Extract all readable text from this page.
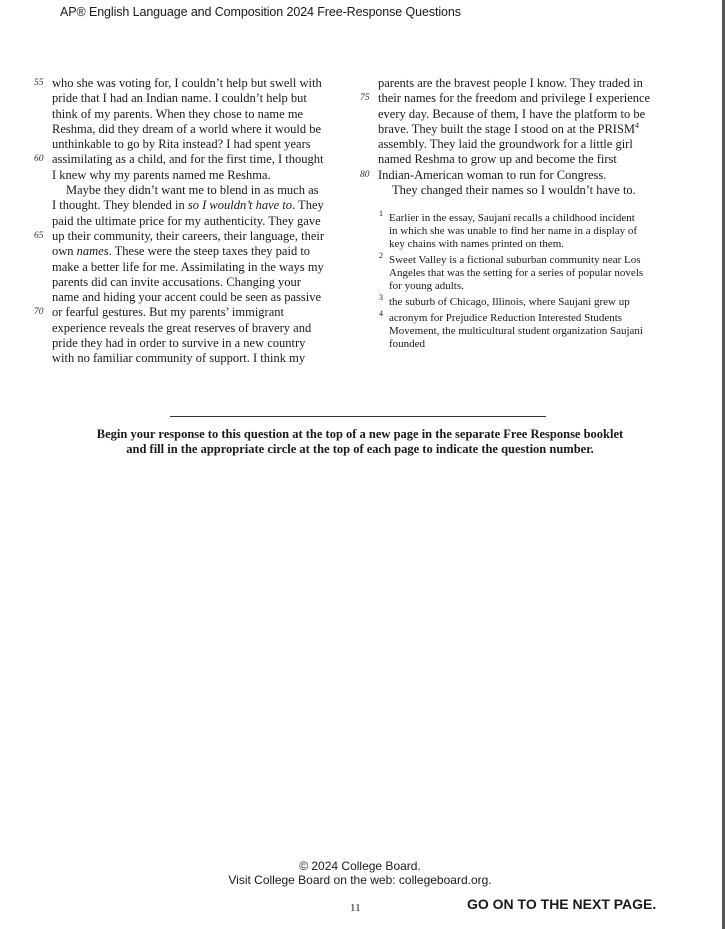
AP® English Language and Composition 2024 Free-Response Questions
55 who she was voting for, I couldn’t help but swell with
pride that I had an Indian name. I couldn’t help but
think of my parents. When they chose to name me
Reshma, did they dream of a world where it would be
unthinkable to go by Rita instead? I had spent years
60 assimilating as a child, and for the first time, I thought
I knew why my parents named me Reshma.
Maybe they didn’t want me to blend in as much as
I thought. They blended in so I wouldn’t have to. They
paid the ultimate price for my authenticity. They gave
65 up their community, their careers, their language, their
own names. These were the steep taxes they paid to
make a better life for me. Assimilating in the ways my
parents did can invite accusations. Changing your
name and hiding your accent could be seen as passive
70 or fearful gestures. But my parents’ immigrant
experience reveals the great reserves of bravery and
pride they had in order to survive in a new country
with no familiar community of support. I think my
parents are the bravest people I know. They traded in
75 their names for the freedom and privilege I experience
every day. Because of them, I have the platform to be
brave. They built the stage I stood on at the PRISM$^4$
assembly. They laid the groundwork for a little girl
named Reshma to grow up and become the first
80 Indian-American woman to run for Congress.
They changed their names so I wouldn’t have to.
1 Earlier in the essay, Saujani recalls a childhood incident
in which she was unable to find her name in a display of
key chains with names printed on them.
2 Sweet Valley is a fictional suburban community near Los
Angeles that was the setting for a series of popular novels
for young adults.
3 the suburb of Chicago, Illinois, where Saujani grew up
4 acronym for Prejudice Reduction Interested Students
Movement, the multicultural student organization Saujani
founded
Begin your response to this question at the top of a new page in the separate Free Response booklet
and fill in the appropriate circle at the top of each page to indicate the question number.
© 2024 College Board.
Visit College Board on the web: collegeboard.org.
11	GO ON TO THE NEXT PAGE.
